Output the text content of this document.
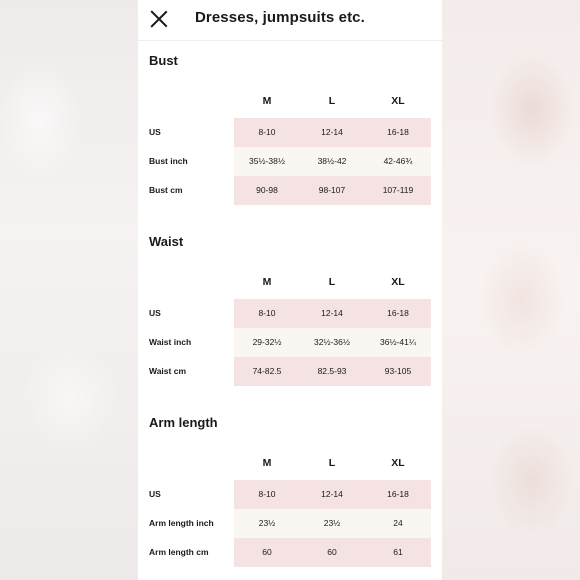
Dresses, jumpsuits etc.
Bust
M	L	XL
US	8-10	12-14	16-18
Bust inch	35½-38½	38½-42	42-46¾
Bust cm	90-98	98-107	107-119
Waist
M	L	XL
US	8-10	12-14	16-18
Waist inch	29-32½	32½-36½	36½-41¼
Waist cm	74-82.5	82.5-93	93-105
Arm length
M	L	XL
US	8-10	12-14	16-18
Arm length inch	23½	23½	24
Arm length cm	60	60	61
